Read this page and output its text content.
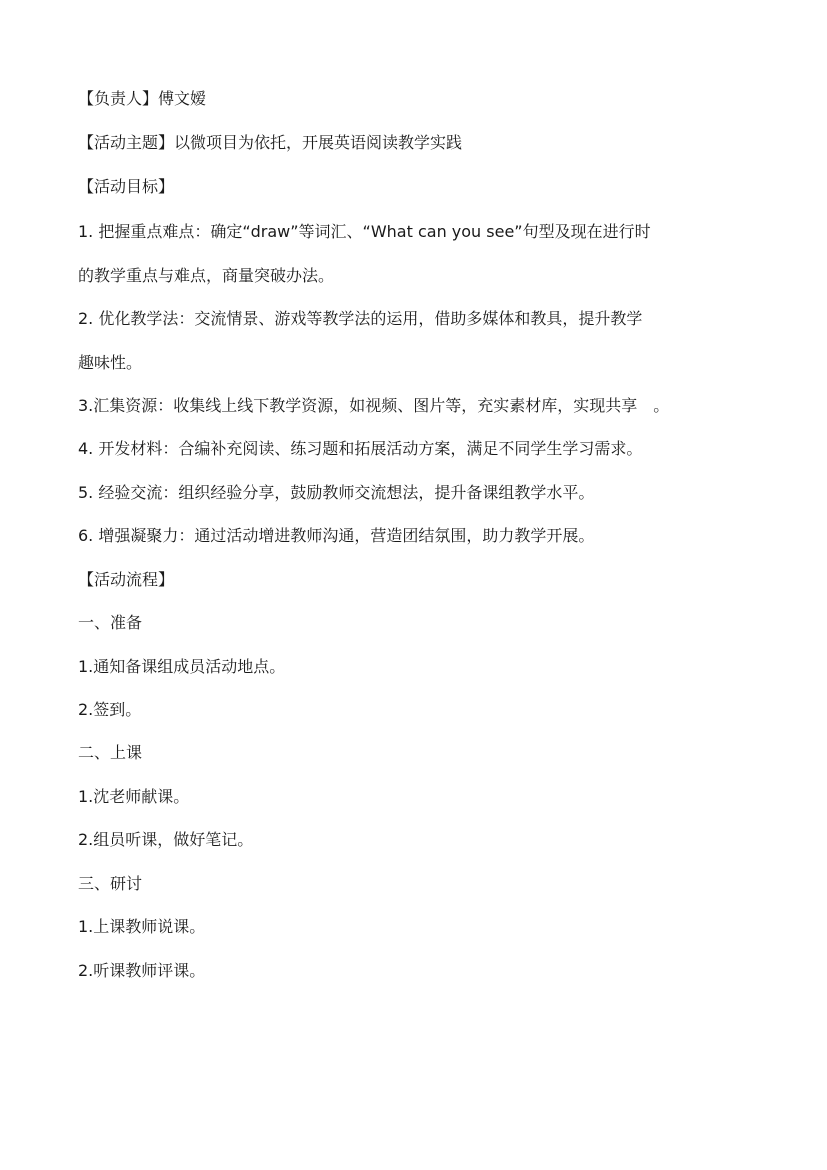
【负责人】傅文嫒

【活动主题】以微项目为依托，开展英语阅读教学实践

【活动目标】

1. 把握重点难点：确定“draw”等词汇、“What can you see”句型及现在进行时

的教学重点与难点，商量突破办法。

2. 优化教学法：交流情景、游戏等教学法的运用，借助多媒体和教具，提升教学

趣味性。

3.汇集资源：收集线上线下教学资源，如视频、图片等，充实素材库，实现共享　。

4. 开发材料：合编补充阅读、练习题和拓展活动方案，满足不同学生学习需求。

5. 经验交流：组织经验分享，鼓励教师交流想法，提升备课组教学水平。

6. 增强凝聚力：通过活动增进教师沟通，营造团结氛围，助力教学开展。

【活动流程】

一、准备

1.通知备课组成员活动地点。

2.签到。

二、上课

1.沈老师献课。

2.组员听课，做好笔记。

三、研讨

1.上课教师说课。

2.听课教师评课。
